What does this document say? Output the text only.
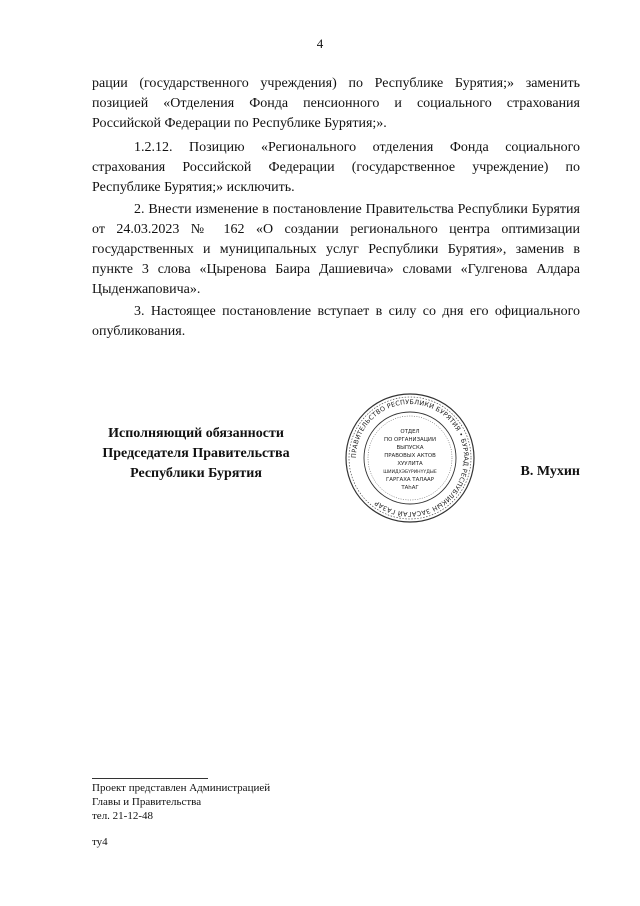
4

рации (государственного учреждения) по Республике Бурятия;» заменить позицией «Отделения Фонда пенсионного и социального страхования Российской Федерации по Республике Бурятия;».

1.2.12. Позицию «Регионального отделения Фонда социального страхования Российской Федерации (государственное учреждение) по Республике Бурятия;» исключить.

2. Внести изменение в постановление Правительства Республики Бурятия от 24.03.2023 № 162 «О создании регионального центра оптимизации государственных и муниципальных услуг Республики Бурятия», заменив в пункте 3 слова «Цыренова Баира Дашиевича» словами «Гулгенова Алдара Цыденжаповича».

3. Настоящее постановление вступает в силу со дня его официального опубликования.

Исполняющий обязанности
Председателя Правительства
Республики Бурятия
ПРАВИТЕЛЬСТВО РЕСПУБЛИКИ БУРЯТИЯ • БУРЯАД РЕСПУБЛИКЫН ЗАСАГАЙ ГАЗАР
ОТДЕЛ
ПО ОРГАНИЗАЦИИ
ВЫПУСКА
ПРАВОВЫХ АКТОВ
ХУУЛИТА
ШИИДХЭБҮРИНҮҮДЫЕ
ГАРГАХА ТАЛААР
ТАһАГ
В. Мухин
Проект представлен Администрацией
Главы и Правительства
тел. 21-12-48
ту4
